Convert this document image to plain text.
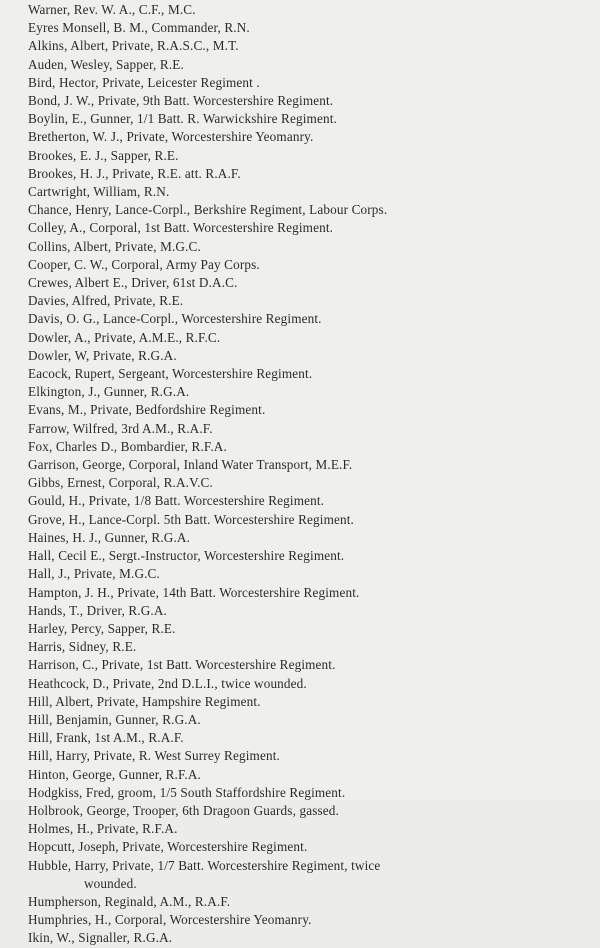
Warner, Rev. W. A., C.F., M.C.
Eyres Monsell, B. M., Commander, R.N.
Alkins, Albert, Private, R.A.S.C., M.T.
Auden, Wesley, Sapper, R.E.
Bird, Hector, Private, Leicester Regiment .
Bond, J. W., Private, 9th Batt. Worcestershire Regiment.
Boylin, E., Gunner, 1/1 Batt. R. Warwickshire Regiment.
Bretherton, W. J., Private, Worcestershire Yeomanry.
Brookes, E. J., Sapper, R.E.
Brookes, H. J., Private, R.E. att. R.A.F.
Cartwright, William, R.N.
Chance, Henry, Lance-Corpl., Berkshire Regiment, Labour Corps.
Colley, A., Corporal, 1st Batt. Worcestershire Regiment.
Collins, Albert, Private, M.G.C.
Cooper, C. W., Corporal, Army Pay Corps.
Crewes, Albert E., Driver, 61st D.A.C.
Davies, Alfred, Private, R.E.
Davis, O. G., Lance-Corpl., Worcestershire Regiment.
Dowler, A., Private, A.M.E., R.F.C.
Dowler, W, Private, R.G.A.
Eacock, Rupert, Sergeant, Worcestershire Regiment.
Elkington, J., Gunner, R.G.A.
Evans, M., Private, Bedfordshire Regiment.
Farrow, Wilfred, 3rd A.M., R.A.F.
Fox, Charles D., Bombardier, R.F.A.
Garrison, George, Corporal, Inland Water Transport, M.E.F.
Gibbs, Ernest, Corporal, R.A.V.C.
Gould, H., Private, 1/8 Batt. Worcestershire Regiment.
Grove, H., Lance-Corpl. 5th Batt. Worcestershire Regiment.
Haines, H. J., Gunner, R.G.A.
Hall, Cecil E., Sergt.-Instructor, Worcestershire Regiment.
Hall, J., Private, M.G.C.
Hampton, J. H., Private, 14th Batt. Worcestershire Regiment.
Hands, T., Driver, R.G.A.
Harley, Percy, Sapper, R.E.
Harris, Sidney, R.E.
Harrison, C., Private, 1st Batt. Worcestershire Regiment.
Heathcock, D., Private, 2nd D.L.I., twice wounded.
Hill, Albert, Private, Hampshire Regiment.
Hill, Benjamin, Gunner, R.G.A.
Hill, Frank, 1st A.M., R.A.F.
Hill, Harry, Private, R. West Surrey Regiment.
Hinton, George, Gunner, R.F.A.
Hodgkiss, Fred, groom, 1/5 South Staffordshire Regiment.
Holbrook, George, Trooper, 6th Dragoon Guards, gassed.
Holmes, H., Private, R.F.A.
Hopcutt, Joseph, Private, Worcestershire Regiment.
Hubble, Harry, Private, 1/7 Batt. Worcestershire Regiment, twice
wounded.
Humpherson, Reginald, A.M., R.A.F.
Humphries, H., Corporal, Worcestershire Yeomanry.
Ikin, W., Signaller, R.G.A.
